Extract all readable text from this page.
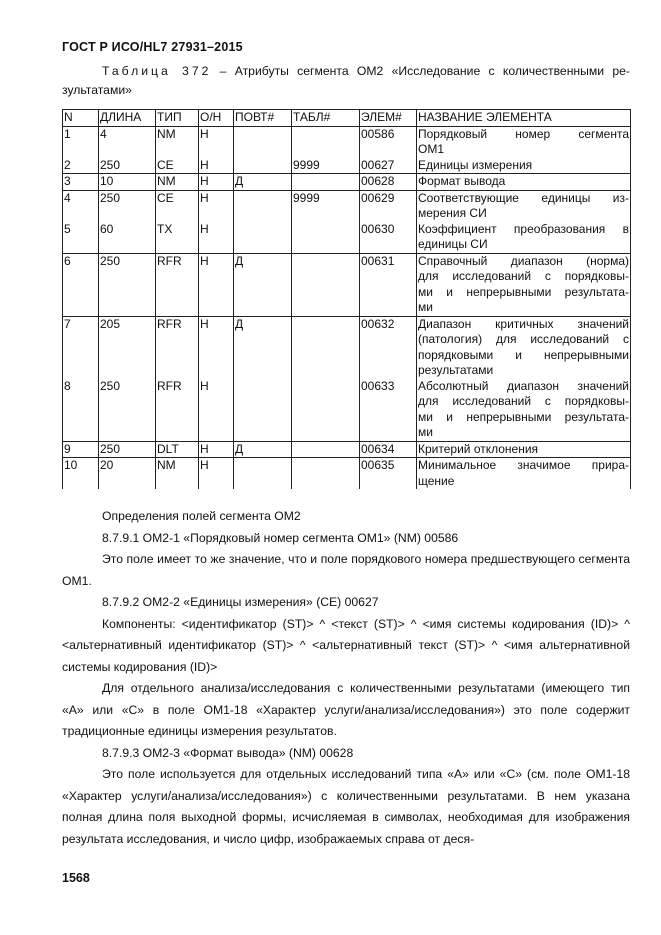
ГОСТ Р ИСО/HL7 27931–2015
Таблица 372 – Атрибуты сегмента OM2 «Исследование с количественными ре-
зультатами»
N	ДЛИНА	ТИП	О/Н	ПОВТ#	ТАБЛ#	ЭЛЕМ#	НАЗВАНИЕ ЭЛЕМЕНТА
1	4	NM	Н			00586	Порядковый номер сегмента
ОМ1

2	250	CE	Н		9999	00627	Единицы измерения

3	10	NM	Н	Д		00628	Формат вывода

4	250	CE	Н		9999	00629	Соответствующие единицы из-
мерения СИ

5	60	TX	Н			00630	Коэффициент преобразования в
единицы СИ

6	250	RFR	Н	Д		00631	Справочный диапазон (норма)
для исследований с порядковы-
ми и непрерывными результата-
ми

7	205	RFR	Н	Д		00632	Диапазон критичных значений
(патология) для исследований с
порядковыми и непрерывными
результатами

8	250	RFR	Н			00633	Абсолютный диапазон значений
для исследований с порядковы-
ми и непрерывными результата-
ми

9	250	DLT	Н	Д		00634	Критерий отклонения

10	20	NM	Н			00635	Минимальное значимое прира-
щение

Определения полей сегмента OM2

8.7.9.1 OM2-1 «Порядковый номер сегмента OM1» (NM) 00586

Это поле имеет то же значение, что и поле порядкового номера предшествующего сегмента OM1.

8.7.9.2 OM2-2 «Единицы измерения» (CE) 00627

Компоненты: <идентификатор (ST)> ^ <текст (ST)> ^ <имя системы кодирования (ID)> ^ <альтернативный идентификатор (ST)> ^ <альтернативный текст (ST)> ^ <имя альтернативной системы кодирования (ID)>

Для отдельного анализа/исследования с количественными результатами (имеющего тип «А» или «С» в поле OM1-18 «Характер услуги/анализа/исследования») это поле содержит традиционные единицы измерения результатов.

8.7.9.3 OM2-3 «Формат вывода» (NM) 00628

Это поле используется для отдельных исследований типа «А» или «С» (см. поле OM1-18 «Характер услуги/анализа/исследования») с количественными результатами. В нем указана полная длина поля выходной формы, исчисляемая в символах, необходимая для изображения результата исследования, и число цифр, изображаемых справа от деся-

1568
